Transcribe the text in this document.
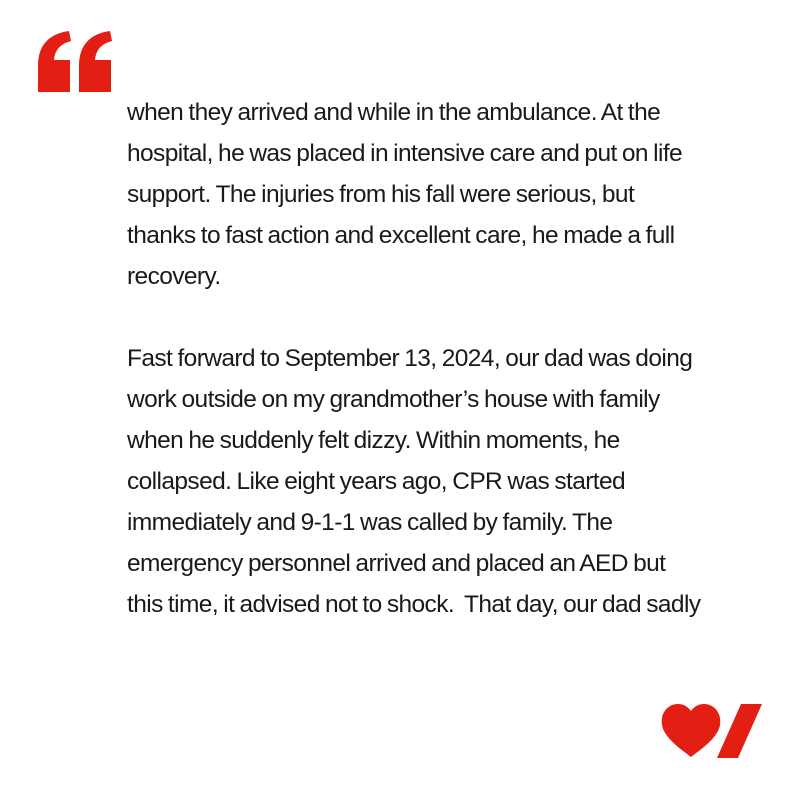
when they arrived and while in the ambulance. At the
hospital, he was placed in intensive care and put on life
support. The injuries from his fall were serious, but
thanks to fast action and excellent care, he made a full
recovery.
Fast forward to September 13, 2024, our dad was doing
work outside on my grandmother’s house with family
when he suddenly felt dizzy. Within moments, he
collapsed. Like eight years ago, CPR was started
immediately and 9-1-1 was called by family. The
emergency personnel arrived and placed an AED but
this time, it advised not to shock.  That day, our dad sadly
